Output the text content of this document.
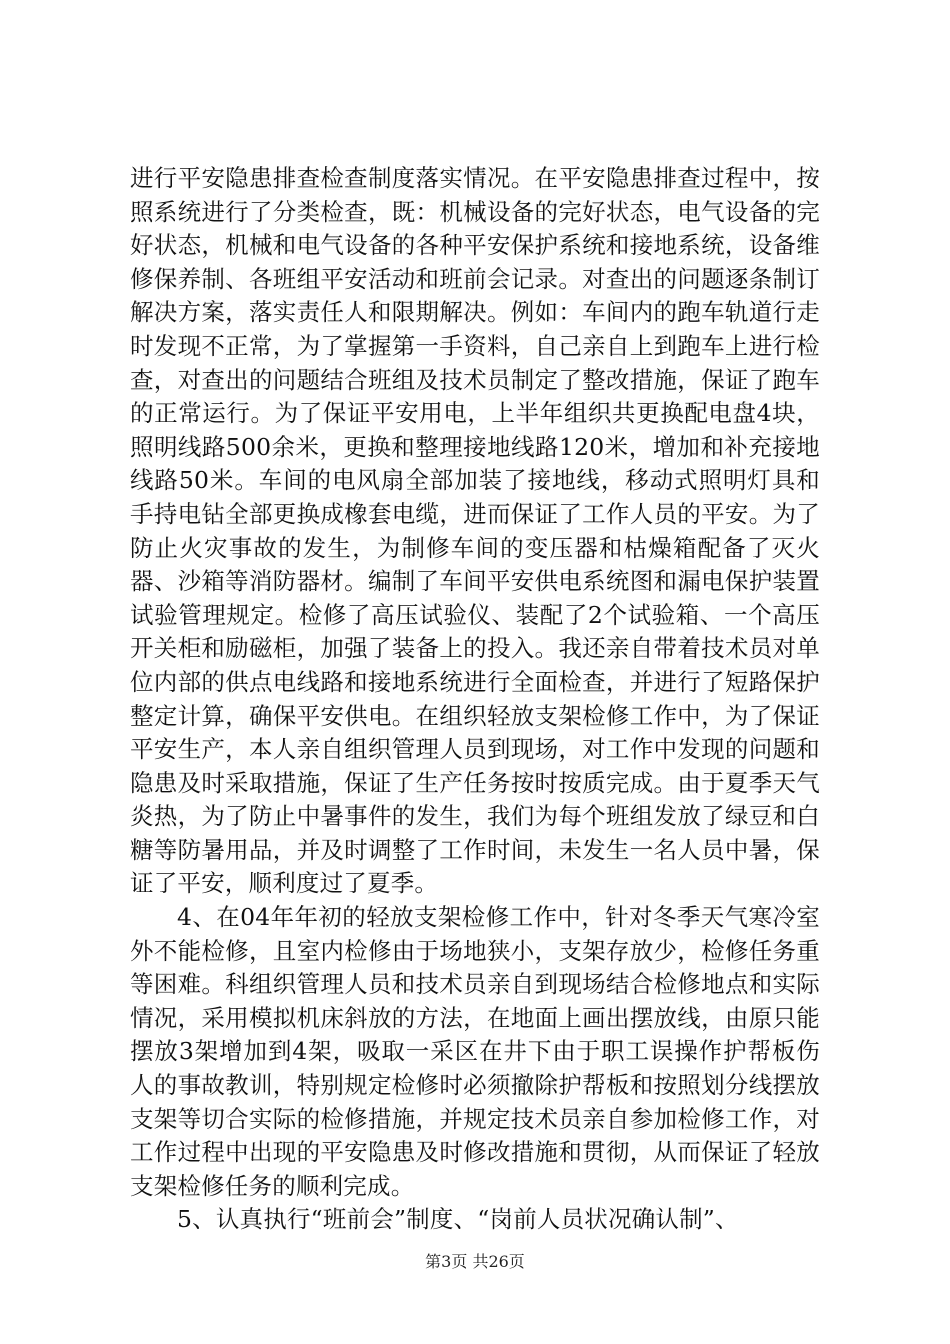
进行平安隐患排查检查制度落实情况。在平安隐患排查过程中，按照系统进行了分类检查，既：机械设备的完好状态，电气设备的完好状态，机械和电气设备的各种平安保护系统和接地系统，设备维修保养制、各班组平安活动和班前会记录。对查出的问题逐条制订解决方案，落实责任人和限期解决。例如：车间内的跑车轨道行走时发现不正常，为了掌握第一手资料，自己亲自上到跑车上进行检查，对查出的问题结合班组及技术员制定了整改措施，保证了跑车的正常运行。为了保证平安用电，上半年组织共更换配电盘4块，照明线路500余米，更换和整理接地线路120米，增加和补充接地线路50米。车间的电风扇全部加装了接地线，移动式照明灯具和手持电钻全部更换成橡套电缆，进而保证了工作人员的平安。为了防止火灾事故的发生，为制修车间的变压器和枯燥箱配备了灭火器、沙箱等消防器材。编制了车间平安供电系统图和漏电保护装置试验管理规定。检修了高压试验仪、装配了2个试验箱、一个高压开关柜和励磁柜，加强了装备上的投入。我还亲自带着技术员对单位内部的供点电线路和接地系统进行全面检查，并进行了短路保护整定计算，确保平安供电。在组织轻放支架检修工作中，为了保证平安生产，本人亲自组织管理人员到现场，对工作中发现的问题和隐患及时采取措施，保证了生产任务按时按质完成。由于夏季天气炎热，为了防止中暑事件的发生，我们为每个班组发放了绿豆和白糖等防暑用品，并及时调整了工作时间，未发生一名人员中暑，保证了平安，顺利度过了夏季。

4、在04年年初的轻放支架检修工作中，针对冬季天气寒冷室外不能检修，且室内检修由于场地狭小，支架存放少，检修任务重等困难。科组织管理人员和技术员亲自到现场结合检修地点和实际情况，采用模拟机床斜放的方法，在地面上画出摆放线，由原只能摆放3架增加到4架，吸取一采区在井下由于职工误操作护帮板伤人的事故教训，特别规定检修时必须撤除护帮板和按照划分线摆放支架等切合实际的检修措施，并规定技术员亲自参加检修工作，对工作过程中出现的平安隐患及时修改措施和贯彻，从而保证了轻放支架检修任务的顺利完成。

5、认真执行“班前会”制度、“岗前人员状况确认制”、

第3页 共26页
